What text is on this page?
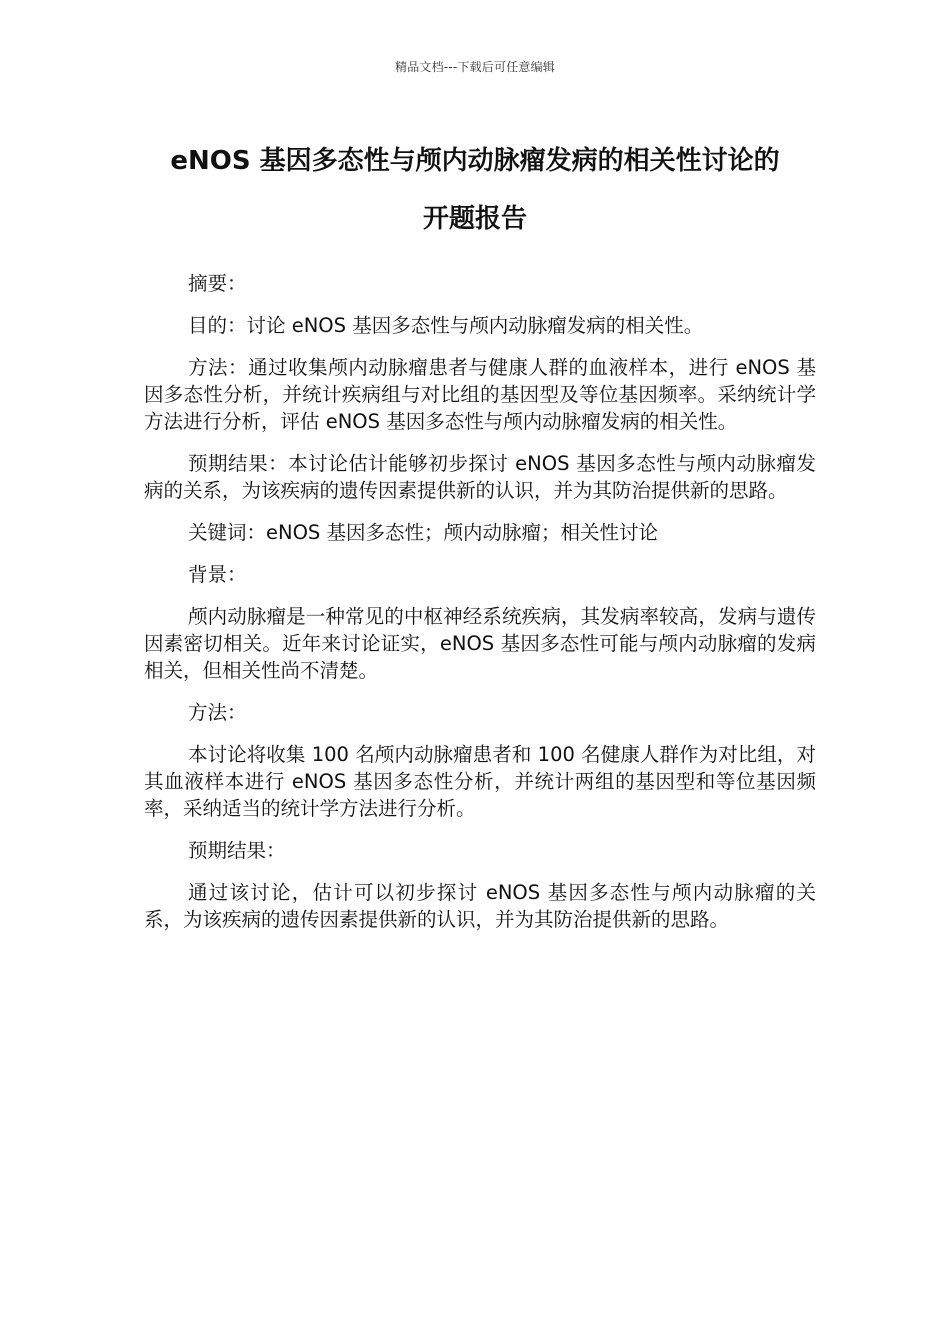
精品文档---下载后可任意编辑
eNOS 基因多态性与颅内动脉瘤发病的相关性讨论的
开题报告

摘要：

目的：讨论 eNOS 基因多态性与颅内动脉瘤发病的相关性。

方法：通过收集颅内动脉瘤患者与健康人群的血液样本，进行 eNOS 基因多态性分析，并统计疾病组与对比组的基因型及等位基因频率。采纳统计学方法进行分析，评估 eNOS 基因多态性与颅内动脉瘤发病的相关性。

预期结果：本讨论估计能够初步探讨 eNOS 基因多态性与颅内动脉瘤发病的关系，为该疾病的遗传因素提供新的认识，并为其防治提供新的思路。

关键词：eNOS 基因多态性；颅内动脉瘤；相关性讨论

背景：

颅内动脉瘤是一种常见的中枢神经系统疾病，其发病率较高，发病与遗传因素密切相关。近年来讨论证实，eNOS 基因多态性可能与颅内动脉瘤的发病相关，但相关性尚不清楚。

方法：

本讨论将收集 100 名颅内动脉瘤患者和 100 名健康人群作为对比组，对其血液样本进行 eNOS 基因多态性分析，并统计两组的基因型和等位基因频率，采纳适当的统计学方法进行分析。

预期结果：

通过该讨论，估计可以初步探讨 eNOS 基因多态性与颅内动脉瘤的关系，为该疾病的遗传因素提供新的认识，并为其防治提供新的思路。
